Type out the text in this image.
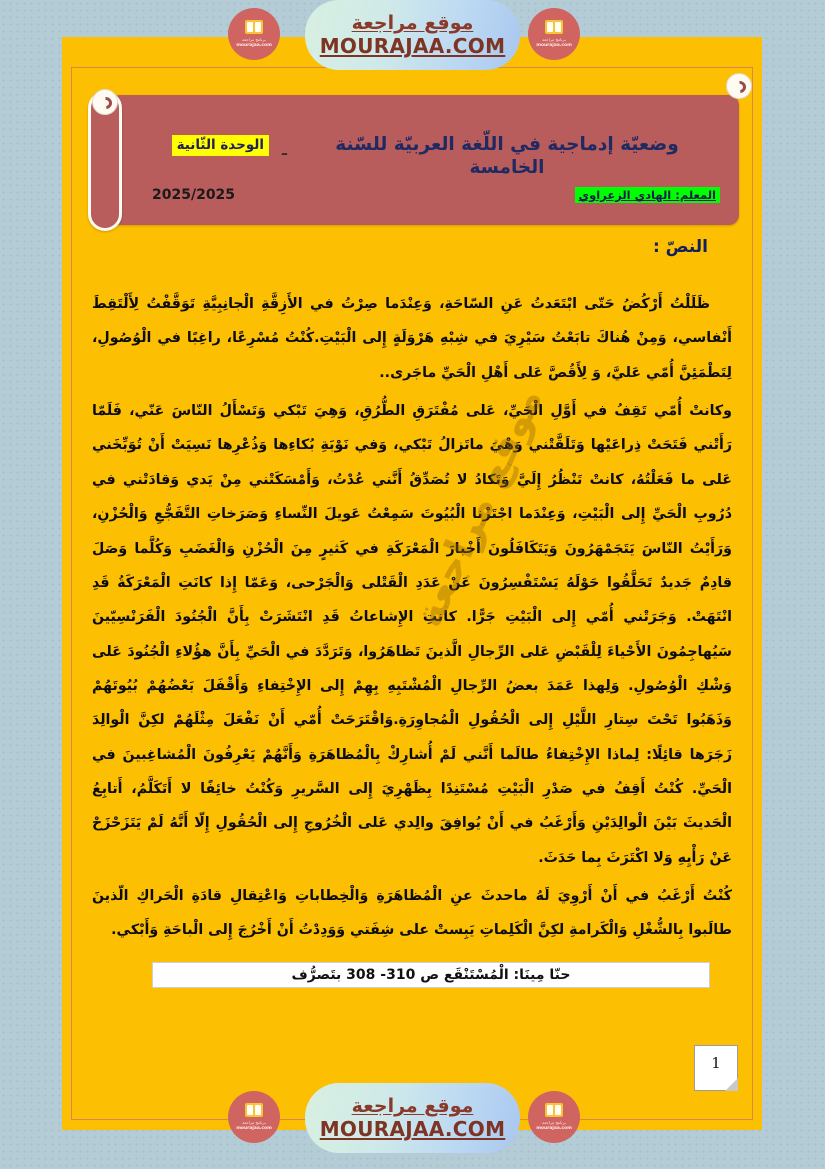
موقع مراجعة
MOURAJAA.COM
برنامج مراجعة
mourajaa.com
برنامج مراجعة
mourajaa.com
وضعيّة إدماجية في اللّغة العربيّة للسّنة الخامسة
ـ
الوحدة الثّانية
المعلم: الهادي الزعراوي
2025/2025
موقع مراجعة
النصّ :

ظَلَلْتُ أَرْكُضُ حَتّى ابْتَعَدتُ عَنِ السّاحَةِ، وَعِنْدَما صِرْتُ في الأَزِقَّةِ الْجانِبِيَّةِ تَوَقَّفْتُ لِأَلْتَقِطَ أَنْفاسي، وَمِنْ هُناكَ تابَعْتُ سَيْرِيَ في شِبْهِ هَرْوَلَةٍ إِلى الْبَيْتِ.كُنْتُ مُسْرِعًا، راغِبًا في الْوُصُولِ، لِتَطْمَئِنَّ أُمّي عَليَّ، وَ لِأَقُصَّ عَلى أَهْلِ الْحَيِّ ماجَرى..

وكانتْ أُمّي تَقِفُ في أَوَّلِ الْحَيِّ، عَلى مُفْتَرَقِ الطُّرُقِ، وَهِيَ تَبْكي وَتَسْأَلُ النّاسَ عَنّي، فَلَمّا رَأَتْني فَتَحَتْ ذِراعَيْها وَتَلَقَّتْني وَهْيَ ماتَزالُ تَبْكي، وَفي نَوْبَةِ بُكاءِها وَذُعْرِها نَسِيَتْ أَنْ تُوَبِّخَني عَلى ما فَعَلْتُهُ، كانتْ تَنْظُرُ إِلَيَّ وَتَكادُ لا تُصَدِّقُ أَنَّني عُدْتُ، وَأَمْسَكَتْني مِنْ يَدي وَقادَتْني في دُرُوبِ الْحَيِّ إِلى الْبَيْتِ، وَعِنْدَما اجْتَزْنا الْبُيُوتَ سَمِعْتُ عَويلَ النِّساءِ وَصَرَخاتِ التَّفَجُّعِ وَالْحُزْنِ، وَرَأَيْتُ النّاسَ يَتَجَمْهَرُونَ وَيَتَكَافَلُونَ أَخْبارَ الْمَعْرَكَةِ في كَثيرٍ مِنَ الْحُزْنِ وَالْغَضَبِ وَكُلَّما وَصَلَ قادِمٌ جَديدٌ تَحَلَّقُوا حَوْلَهُ يَسْتَفْسِرُونَ عَنْ عَدَدِ الْقَتْلى وَالْجَرْحى، وَعَمّا إِذا كانَتِ الْمَعْرَكَةُ قَدِ انْتَهَتْ. وَجَرَتْني أُمّي إِلى الْبَيْتِ جَرًّا. كانتِ الإِشاعاتُ قَدِ انْتَشَرَتْ بِأَنَّ الْجُنُودَ الْفَرَنْسِيّينَ سَيُهاجِمُونَ الأَحْياءَ لِلْقَبْضِ عَلى الرِّجالِ الَّذينَ تَظاهَرُوا، وَتَرَدَّدَ في الْحَيِّ بِأَنَّ هؤُلاءِ الْجُنُودَ عَلى وَشْكِ الْوُصُولِ. وَلِهذا عَمَدَ بعضُ الرِّجالِ الْمُشْتَبِهِ بِهِمْ إِلى الإِخْتِفاءِ وَأَقْفَلَ بَعْضُهُمْ بُيُوتَهُمْ وَذَهَبُوا تَحْتَ سِتارِ اللَّيْلِ إِلى الْحُقُولِ الْمُجاوِرَةِ.وَاقْتَرَحَتْ أُمّي أَنْ نَفْعَلَ مِثْلَهُمْ لكِنَّ الْوالِدَ زَجَرَها قائِلًا: لِماذا الإِخْتِفاءُ طالَما أَنَّني لَمْ أُشارِكْ بِالْمُظاهَرَةِ وَأَنَّهُمْ يَعْرِفُونَ الْمُشاغِبينَ في الْحَيِّ. كُنْتُ أَقِفُ في صَدْرِ الْبَيْتِ مُسْتَنِدًا بِظَهْرِيَ إِلى السَّريرِ وَكُنْتُ خائِفًا لا أَتَكَلَّمُ، أَتابِعُ الْحَديثَ بَيْنَ الْوالِدَيْنِ وَأَرْغَبُ في أَنْ يُوافِقَ والِدي عَلى الْخُرُوجِ إِلى الْحُقُولِ إِلّا أَنَّهُ لَمْ يَتَزَحْزَحْ عَنْ رَأْيِهِ وَلا اكْتَرَثَ بِما حَدَثَ.

كُنْتُ أَرْغَبُ في أَنْ أَرْوِيَ لَهُ ماحدثَ عنِ الْمُظاهَرَةِ وَالْخِطاباتِ وَاعْتِقالِ قادَةِ الْحَراكِ الّذينَ طالَبوا بِالشُّغْلِ وَالْكَرامةِ لكِنَّ الْكَلِماتِ يَبِستْ على شِفَتي وَوَدِدْتُ أَنْ أَخْرُجَ إِلى الْباحَةِ وَأَبْكي.

حنّا مِينَا: الْمُسْتَنْقَع ص 310- 308 بتَصرُّف
1
موقع مراجعة
MOURAJAA.COM
برنامج مراجعة
mourajaa.com
برنامج مراجعة
mourajaa.com
